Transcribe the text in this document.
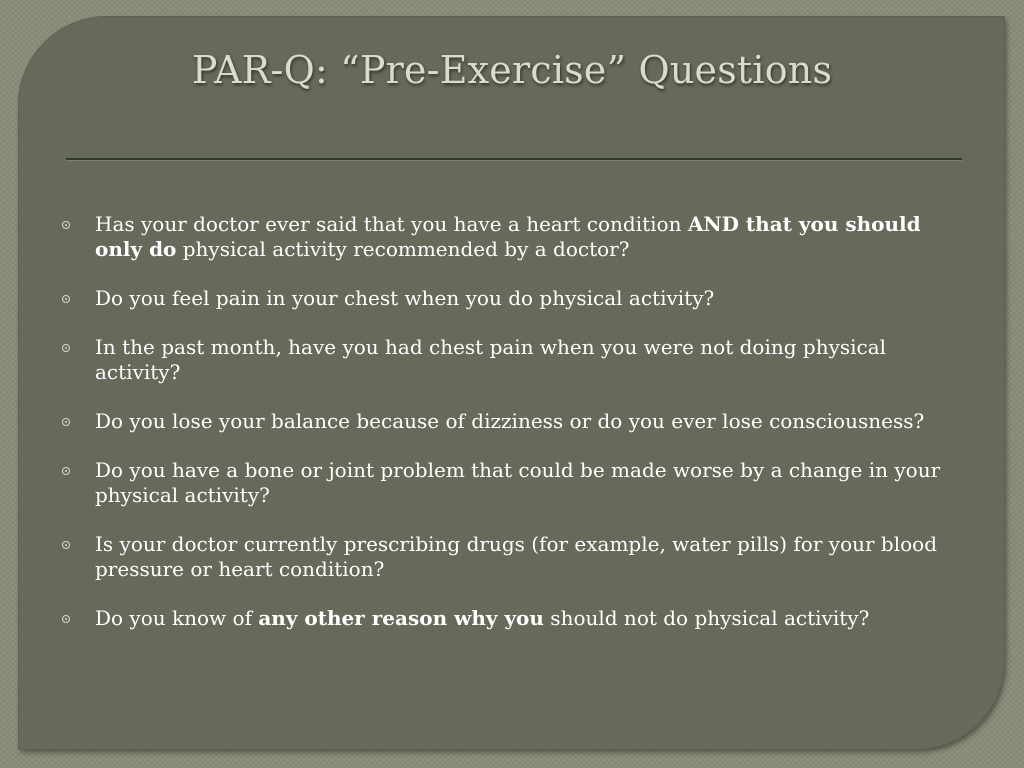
PAR-Q: “Pre-Exercise” Questions
Has your doctor ever said that you have a heart condition AND that you should only do physical activity recommended by a doctor?
Do you feel pain in your chest when you do physical activity?
In the past month, have you had chest pain when you were not doing physical activity?
Do you lose your balance because of dizziness or do you ever lose consciousness?
Do you have a bone or joint problem that could be made worse by a change in your physical activity?
Is your doctor currently prescribing drugs (for example, water pills) for your blood pressure or heart condition?
Do you know of any other reason why you should not do physical activity?
